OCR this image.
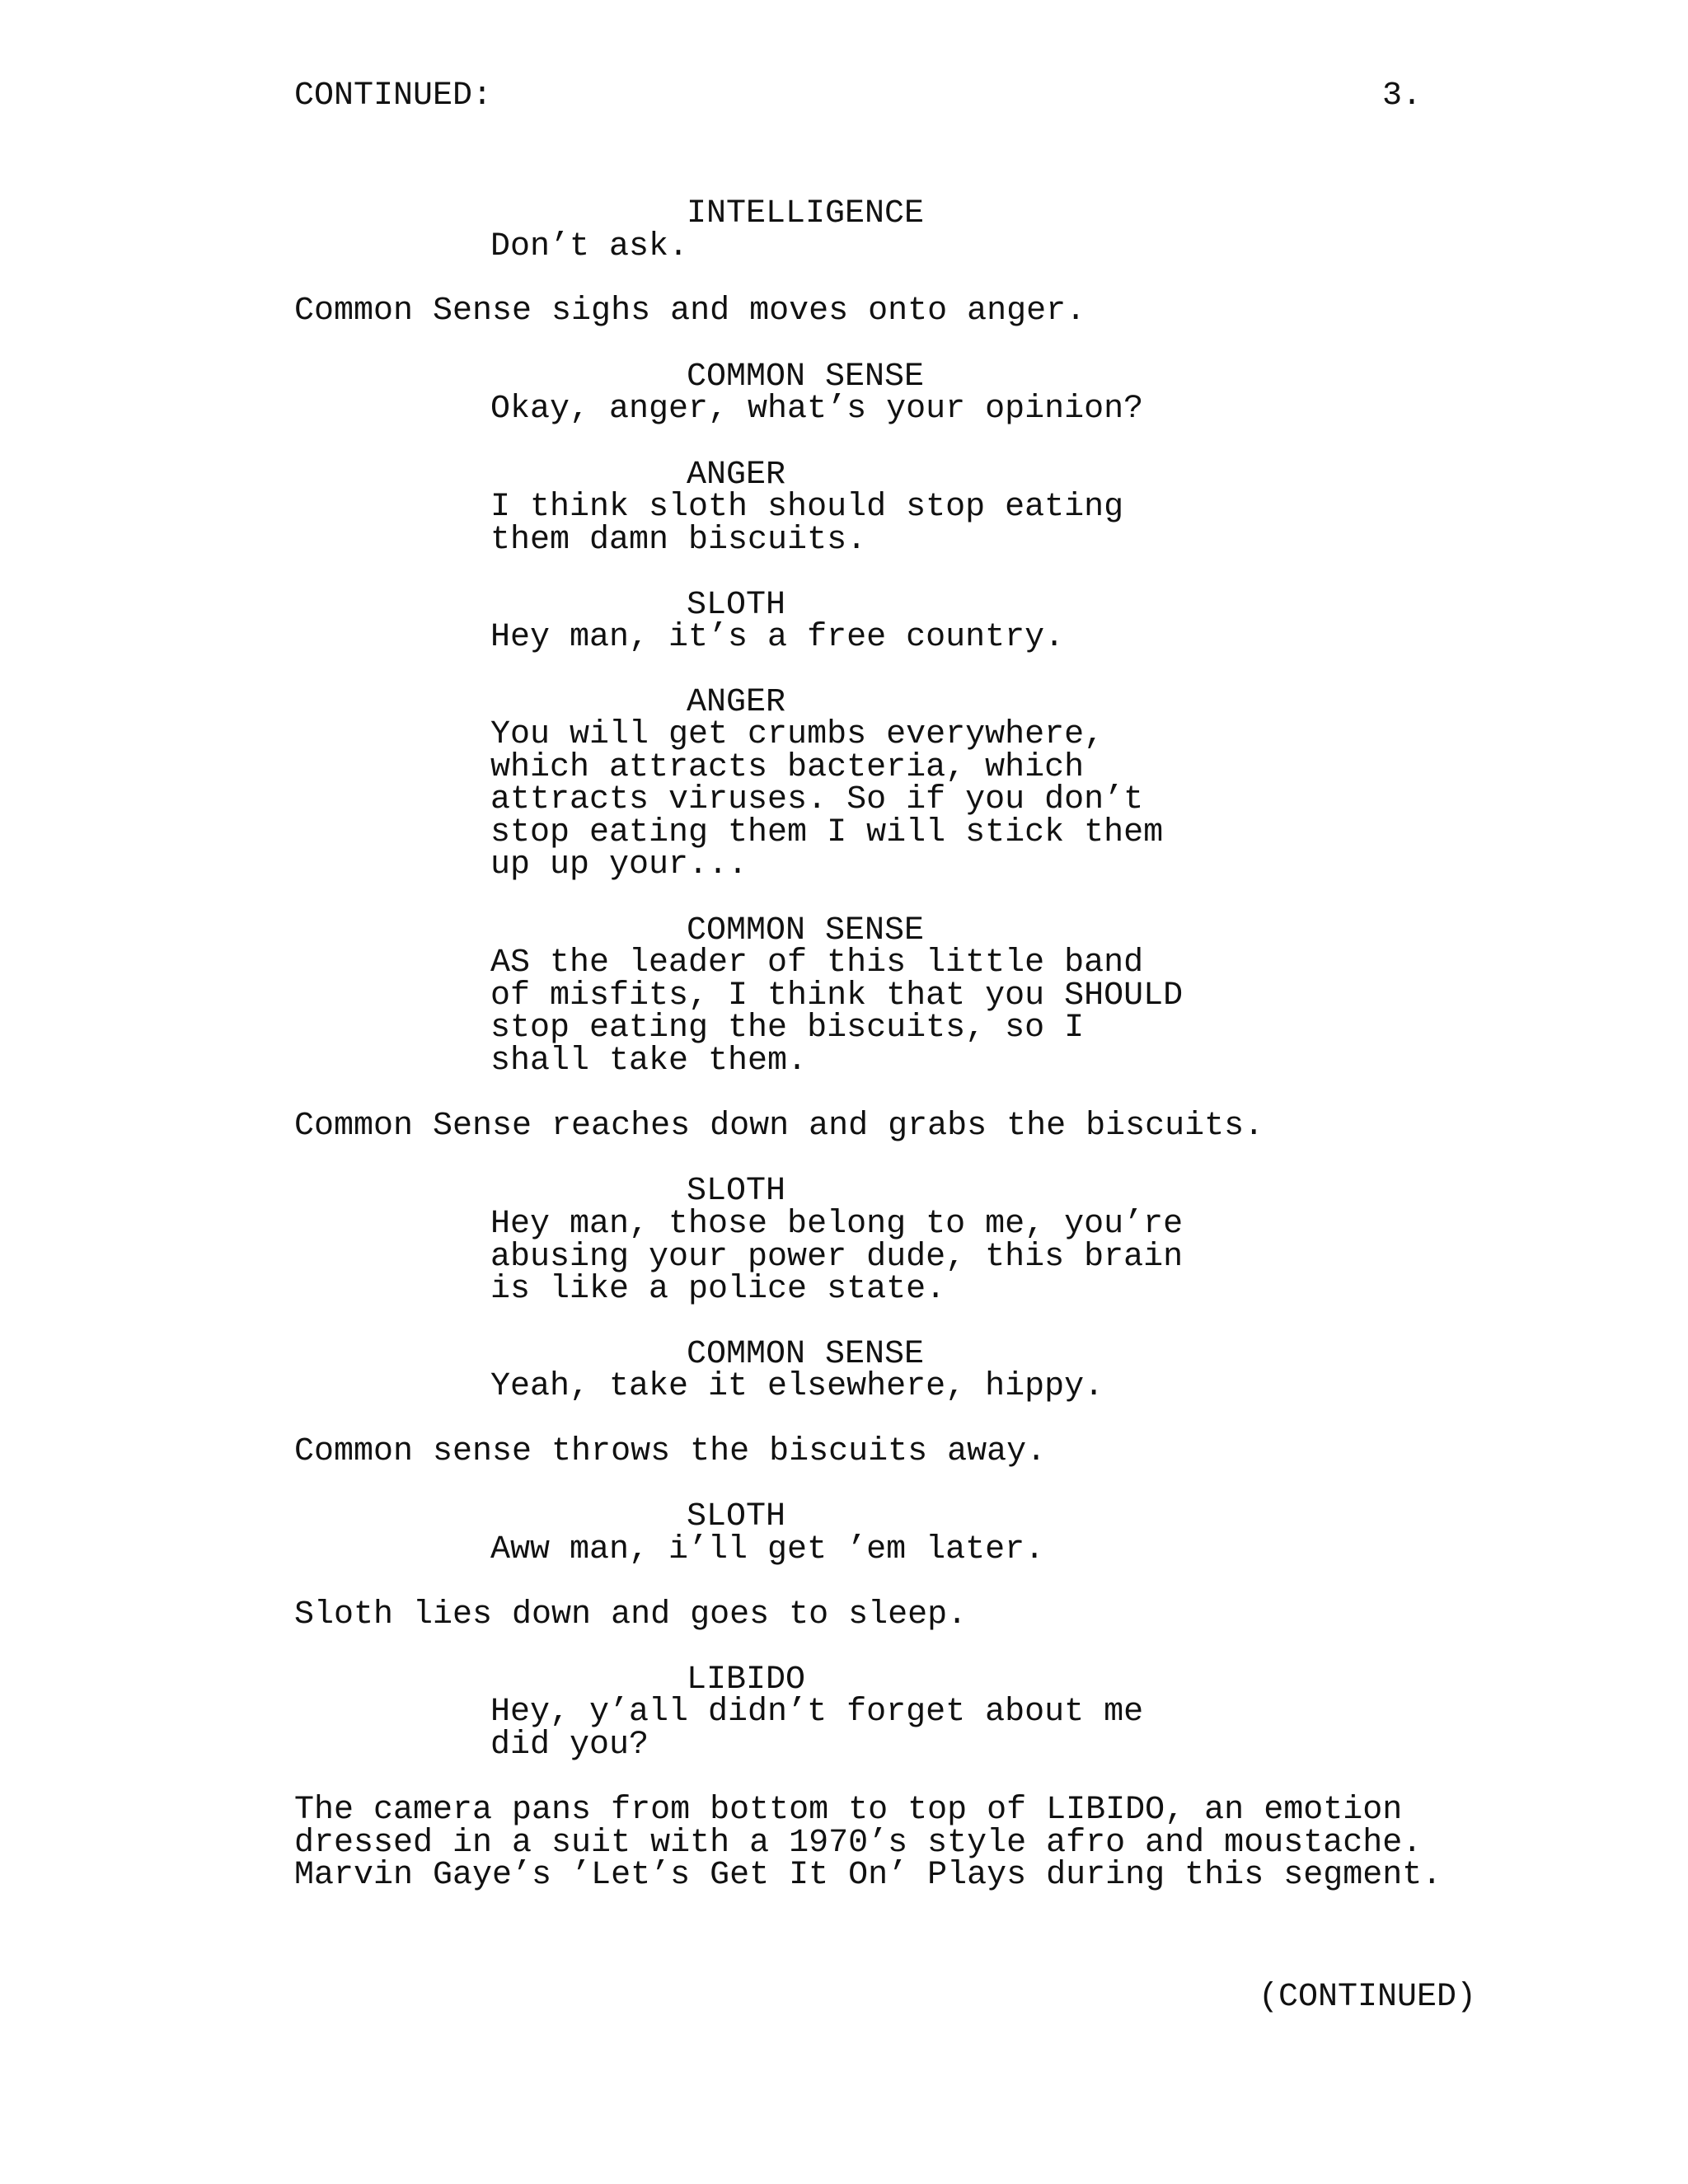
CONTINUED:	3.
INTELLIGENCE
Don’t ask.
Common Sense sighs and moves onto anger.
COMMON SENSE
Okay, anger, what’s your opinion?
ANGER
I think sloth should stop eating
them damn biscuits.
SLOTH
Hey man, it’s a free country.
ANGER
You will get crumbs everywhere,
which attracts bacteria, which
attracts viruses. So if you don’t
stop eating them I will stick them
up up your...
COMMON SENSE
AS the leader of this little band
of misfits, I think that you SHOULD
stop eating the biscuits, so I
shall take them.
Common Sense reaches down and grabs the biscuits.
SLOTH
Hey man, those belong to me, you’re
abusing your power dude, this brain
is like a police state.
COMMON SENSE
Yeah, take it elsewhere, hippy.
Common sense throws the biscuits away.
SLOTH
Aww man, i’ll get ’em later.
Sloth lies down and goes to sleep.
LIBIDO
Hey, y’all didn’t forget about me
did you?
The camera pans from bottom to top of LIBIDO, an emotion
dressed in a suit with a 1970’s style afro and moustache.
Marvin Gaye’s ’Let’s Get It On’ Plays during this segment.
(CONTINUED)
